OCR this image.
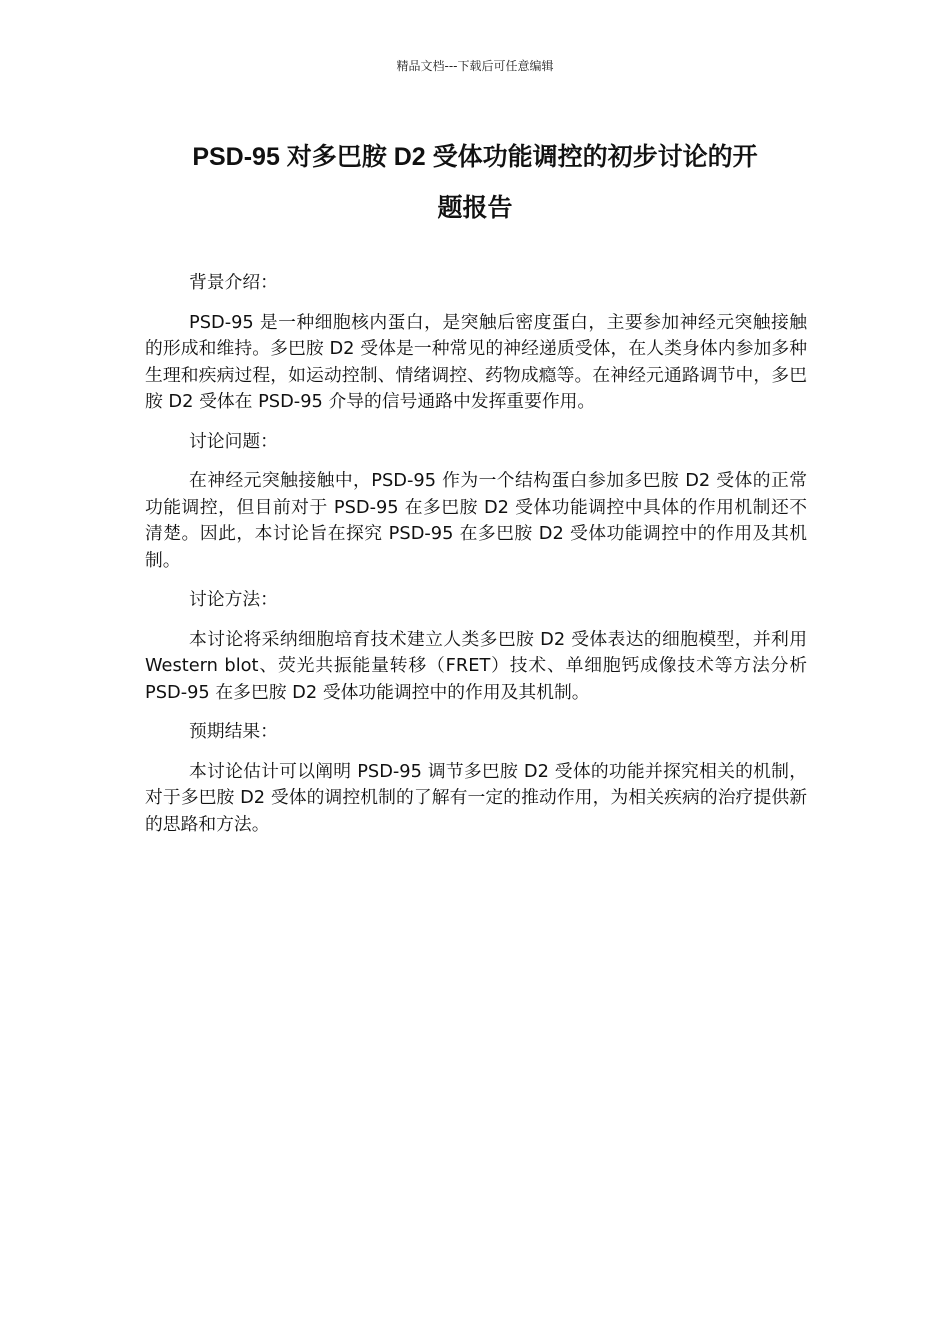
精品文档---下载后可任意编辑
PSD-95 对多巴胺 D2 受体功能调控的初步讨论的开
题报告

背景介绍：

PSD-95 是一种细胞核内蛋白，是突触后密度蛋白，主要参加神经元突触接触的形成和维持。多巴胺 D2 受体是一种常见的神经递质受体，在人类身体内参加多种生理和疾病过程，如运动控制、情绪调控、药物成瘾等。在神经元通路调节中，多巴胺 D2 受体在 PSD-95 介导的信号通路中发挥重要作用。

讨论问题：

在神经元突触接触中，PSD-95 作为一个结构蛋白参加多巴胺 D2 受体的正常功能调控，但目前对于 PSD-95 在多巴胺 D2 受体功能调控中具体的作用机制还不清楚。因此，本讨论旨在探究 PSD-95 在多巴胺 D2 受体功能调控中的作用及其机制。

讨论方法：

本讨论将采纳细胞培育技术建立人类多巴胺 D2 受体表达的细胞模型，并利用 Western blot、荧光共振能量转移（FRET）技术、单细胞钙成像技术等方法分析 PSD-95 在多巴胺 D2 受体功能调控中的作用及其机制。

预期结果：

本讨论估计可以阐明 PSD-95 调节多巴胺 D2 受体的功能并探究相关的机制，对于多巴胺 D2 受体的调控机制的了解有一定的推动作用，为相关疾病的治疗提供新的思路和方法。
